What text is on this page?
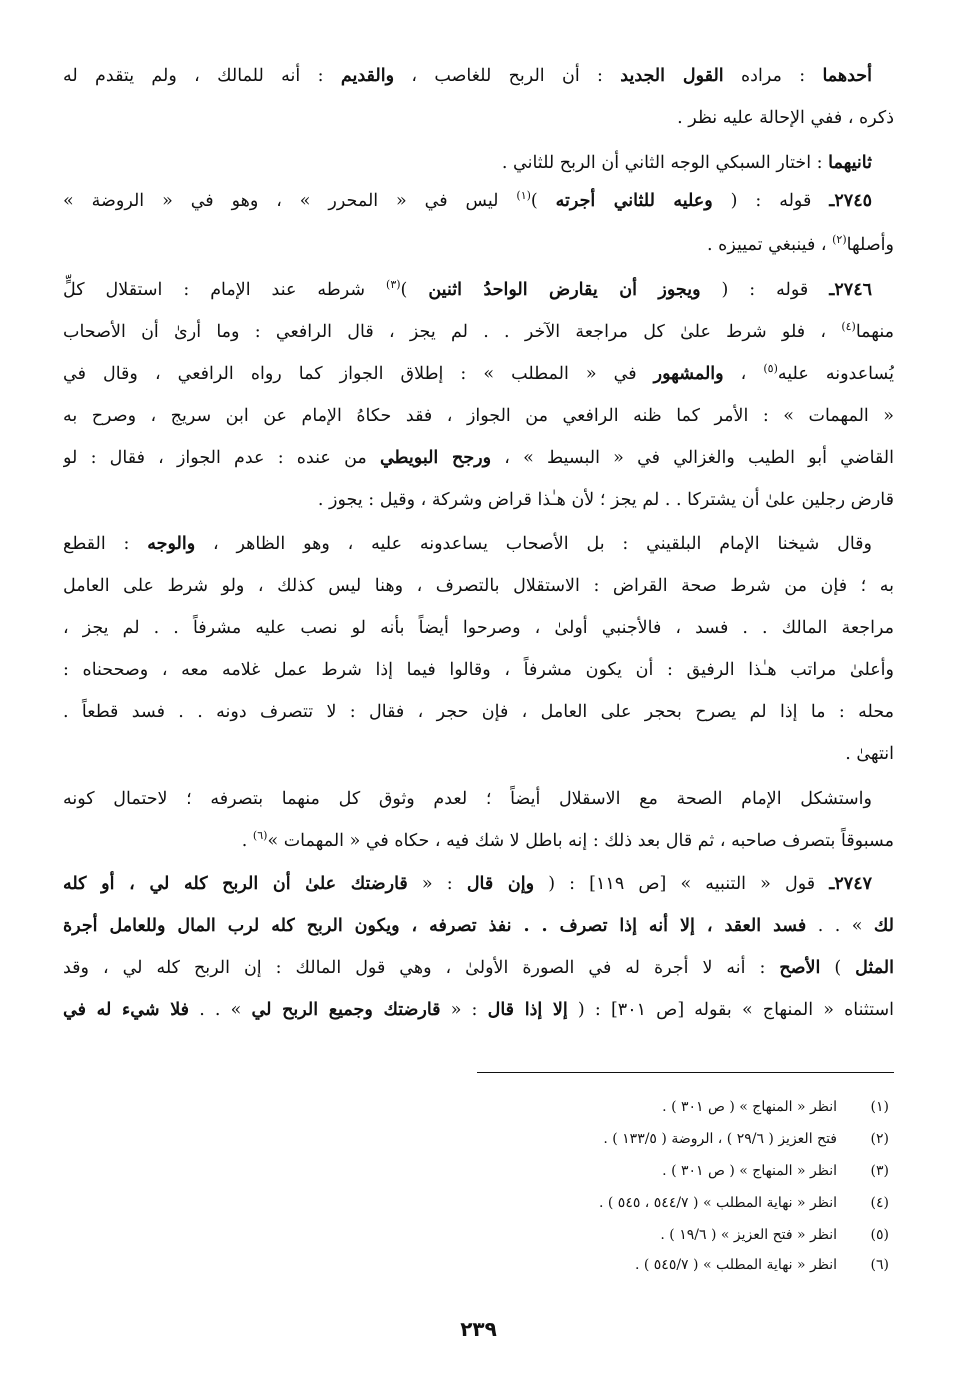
أحدهما : مراده القول الجديد : أن الربح للغاصب ، والقديم : أنه للمالك ، ولم يتقدم له
ذكره ، ففي الإحالة عليه نظر .
ثانيهما : اختار السبكي الوجه الثاني أن الربح للثاني .
٢٧٤٥ـ قوله : ( وعليه للثاني أجرته )$^{(١)}$ ليس في « المحرر » ، وهو في « الروضة »
وأصلها$^{(٢)}$ ، فينبغي تمييزه .
٢٧٤٦ـ قوله : ( ويجوز أن يقارض الواحدُ اثنين )$^{(٣)}$ شرطه عند الإمام : استقلال كلٍّ
منهما$^{(٤)}$ ، فلو شرط علىٰ كل مراجعة الآخر . . لم يجز ، قال الرافعي : وما أرىٰ أن الأصحاب
يُساعدونه عليه$^{(٥)}$ ، والمشهور في « المطلب » : إطلاق الجواز كما رواه الرافعي ، وقال في
« المهمات » : الأمر كما ظنه الرافعي من الجواز ، فقد حكاهُ الإمام عن ابن سريج ، وصرح به
القاضي أبو الطيب والغزالي في « البسيط » ، ورجح البويطي من عنده : عدم الجواز ، فقال : لو
قارض رجلين علىٰ أن يشتركا . . لم يجز ؛ لأن هـٰذا قراض وشركة ، وقيل : يجوز .
وقال شيخنا الإمام البلقيني : بل الأصحاب يساعدونه عليه ، وهو الظاهر ، والوجه : القطع
به ؛ فإن من شرط صحة القراض : الاستقلال بالتصرف ، وهنا ليس كذلك ، ولو شرط على العامل
مراجعة المالك . . فسد ، فالأجنبي أولىٰ ، وصرحوا أيضاً بأنه لو نصب عليه مشرفاً . . لم يجز ،
وأعلىٰ مراتب هـٰذا الرفيق : أن يكون مشرفاً ، وقالوا فيما إذا شرط عمل غلامه معه ، وصححناه :
محله : ما إذا لم يصرح بحجر على العامل ، فإن حجر ، فقال : لا تتصرف دونه . . فسد قطعاً .
انتهىٰ .
واستشكل الإمام الصحة مع الاسقلال أيضاً ؛ لعدم وثوق كل منهما بتصرفه ؛ لاحتمال كونه
مسبوقاً بتصرف صاحبه ، ثم قال بعد ذلك : إنه باطل لا شك فيه ، حكاه في « المهمات »$^{(٦)}$ .
٢٧٤٧ـ قول « التنبيه » [ص ١١٩] : ( وإن قال : « قارضتك علىٰ أن الربح كله لي ، أو كله
لك » . . فسد العقد ، إلا أنه إذا تصرف . . نفذ تصرفه ، ويكون الربح كله لرب المال وللعامل أجرة
المثل ) الأصح : أنه لا أجرة له في الصورة الأولىٰ ، وهي قول المالك : إن الربح كله لي ، وقد
استثناه « المنهاج » بقوله [ص ٣٠١] : ( إلا إذا قال : « قارضتك وجميع الربح لي » . . فلا شيء له في
(١)انظر « المنهاج » ( ص ٣٠١ ) .
(٢)فتح العزيز ( ٢٩/٦ ) ، الروضة ( ١٣٣/٥ ) .
(٣)انظر « المنهاج » ( ص ٣٠١ ) .
(٤)انظر « نهاية المطلب » ( ٥٤٤/٧ ، ٥٤٥ ) .
(٥)انظر « فتح العزيز » ( ١٩/٦ ) .
(٦)انظر « نهاية المطلب » ( ٥٤٥/٧ ) .
٢٣٩
